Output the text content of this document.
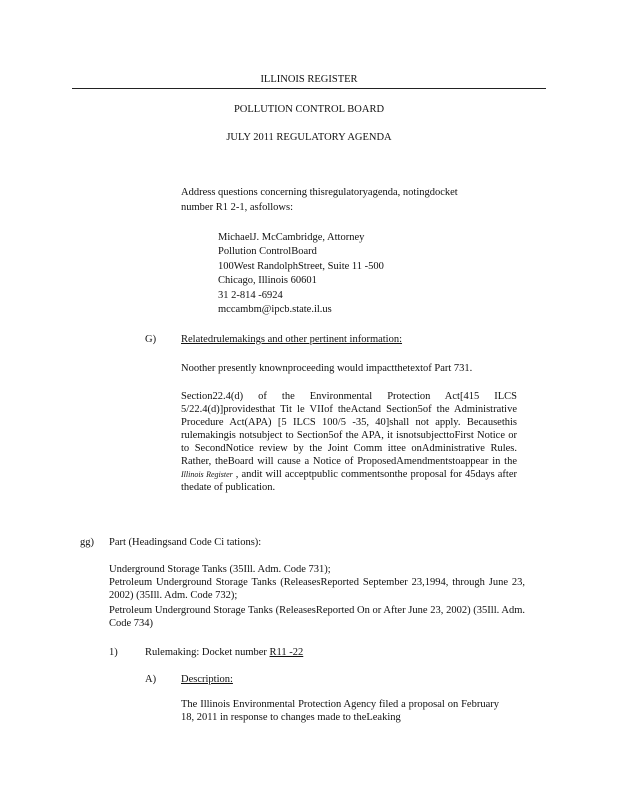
ILLINOIS REGISTER
POLLUTION CONTROL BOARD
JULY 2011 REGULATORY AGENDA
Address questions concerning thisregulatoryagenda, notingdocket
number R1 2-1, asfollows:
MichaelJ. McCambridge, Attorney
Pollution ControlBoard
100West RandolphStreet, Suite 11 -500
Chicago, Illinois 60601
31 2-814 -6924
mccambm@ipcb.state.il.us
G) Relatedrulemakings and other pertinent information:
Noother presently knownproceeding would impactthetextof Part 731.
Section22.4(d) of the Environmental Protection Act[415 ILCS 5/22.4(d)]providesthat Tit le VIIof theActand Section5of the Administrative Procedure Act(APA) [5 ILCS 100/5 -35, 40]shall not apply. Becausethis rulemakingis notsubject to Section5of the APA, it isnotsubjecttoFirst Notice or to SecondNotice review by the Joint Comm ittee onAdministrative Rules. Rather, theBoard will cause a Notice of ProposedAmendmentstoappear in the Illinois Register , andit will acceptpublic commentsonthe proposal for 45days after thedate of publication.
gg) Part (Headingsand Code Ci tations):
Underground Storage Tanks (35Ill. Adm. Code 731);
Petroleum Underground Storage Tanks (ReleasesReported September 23,1994, through June 23, 2002) (35Ill. Adm. Code 732);
Petroleum Underground Storage Tanks (ReleasesReported On or After June 23, 2002) (35Ill. Adm. Code 734)
1)	Rulemaking: Docket number R11 -22
A) Description:
The Illinois Environmental Protection Agency filed a proposal on February 18, 2011 in response to changes made to theLeaking
